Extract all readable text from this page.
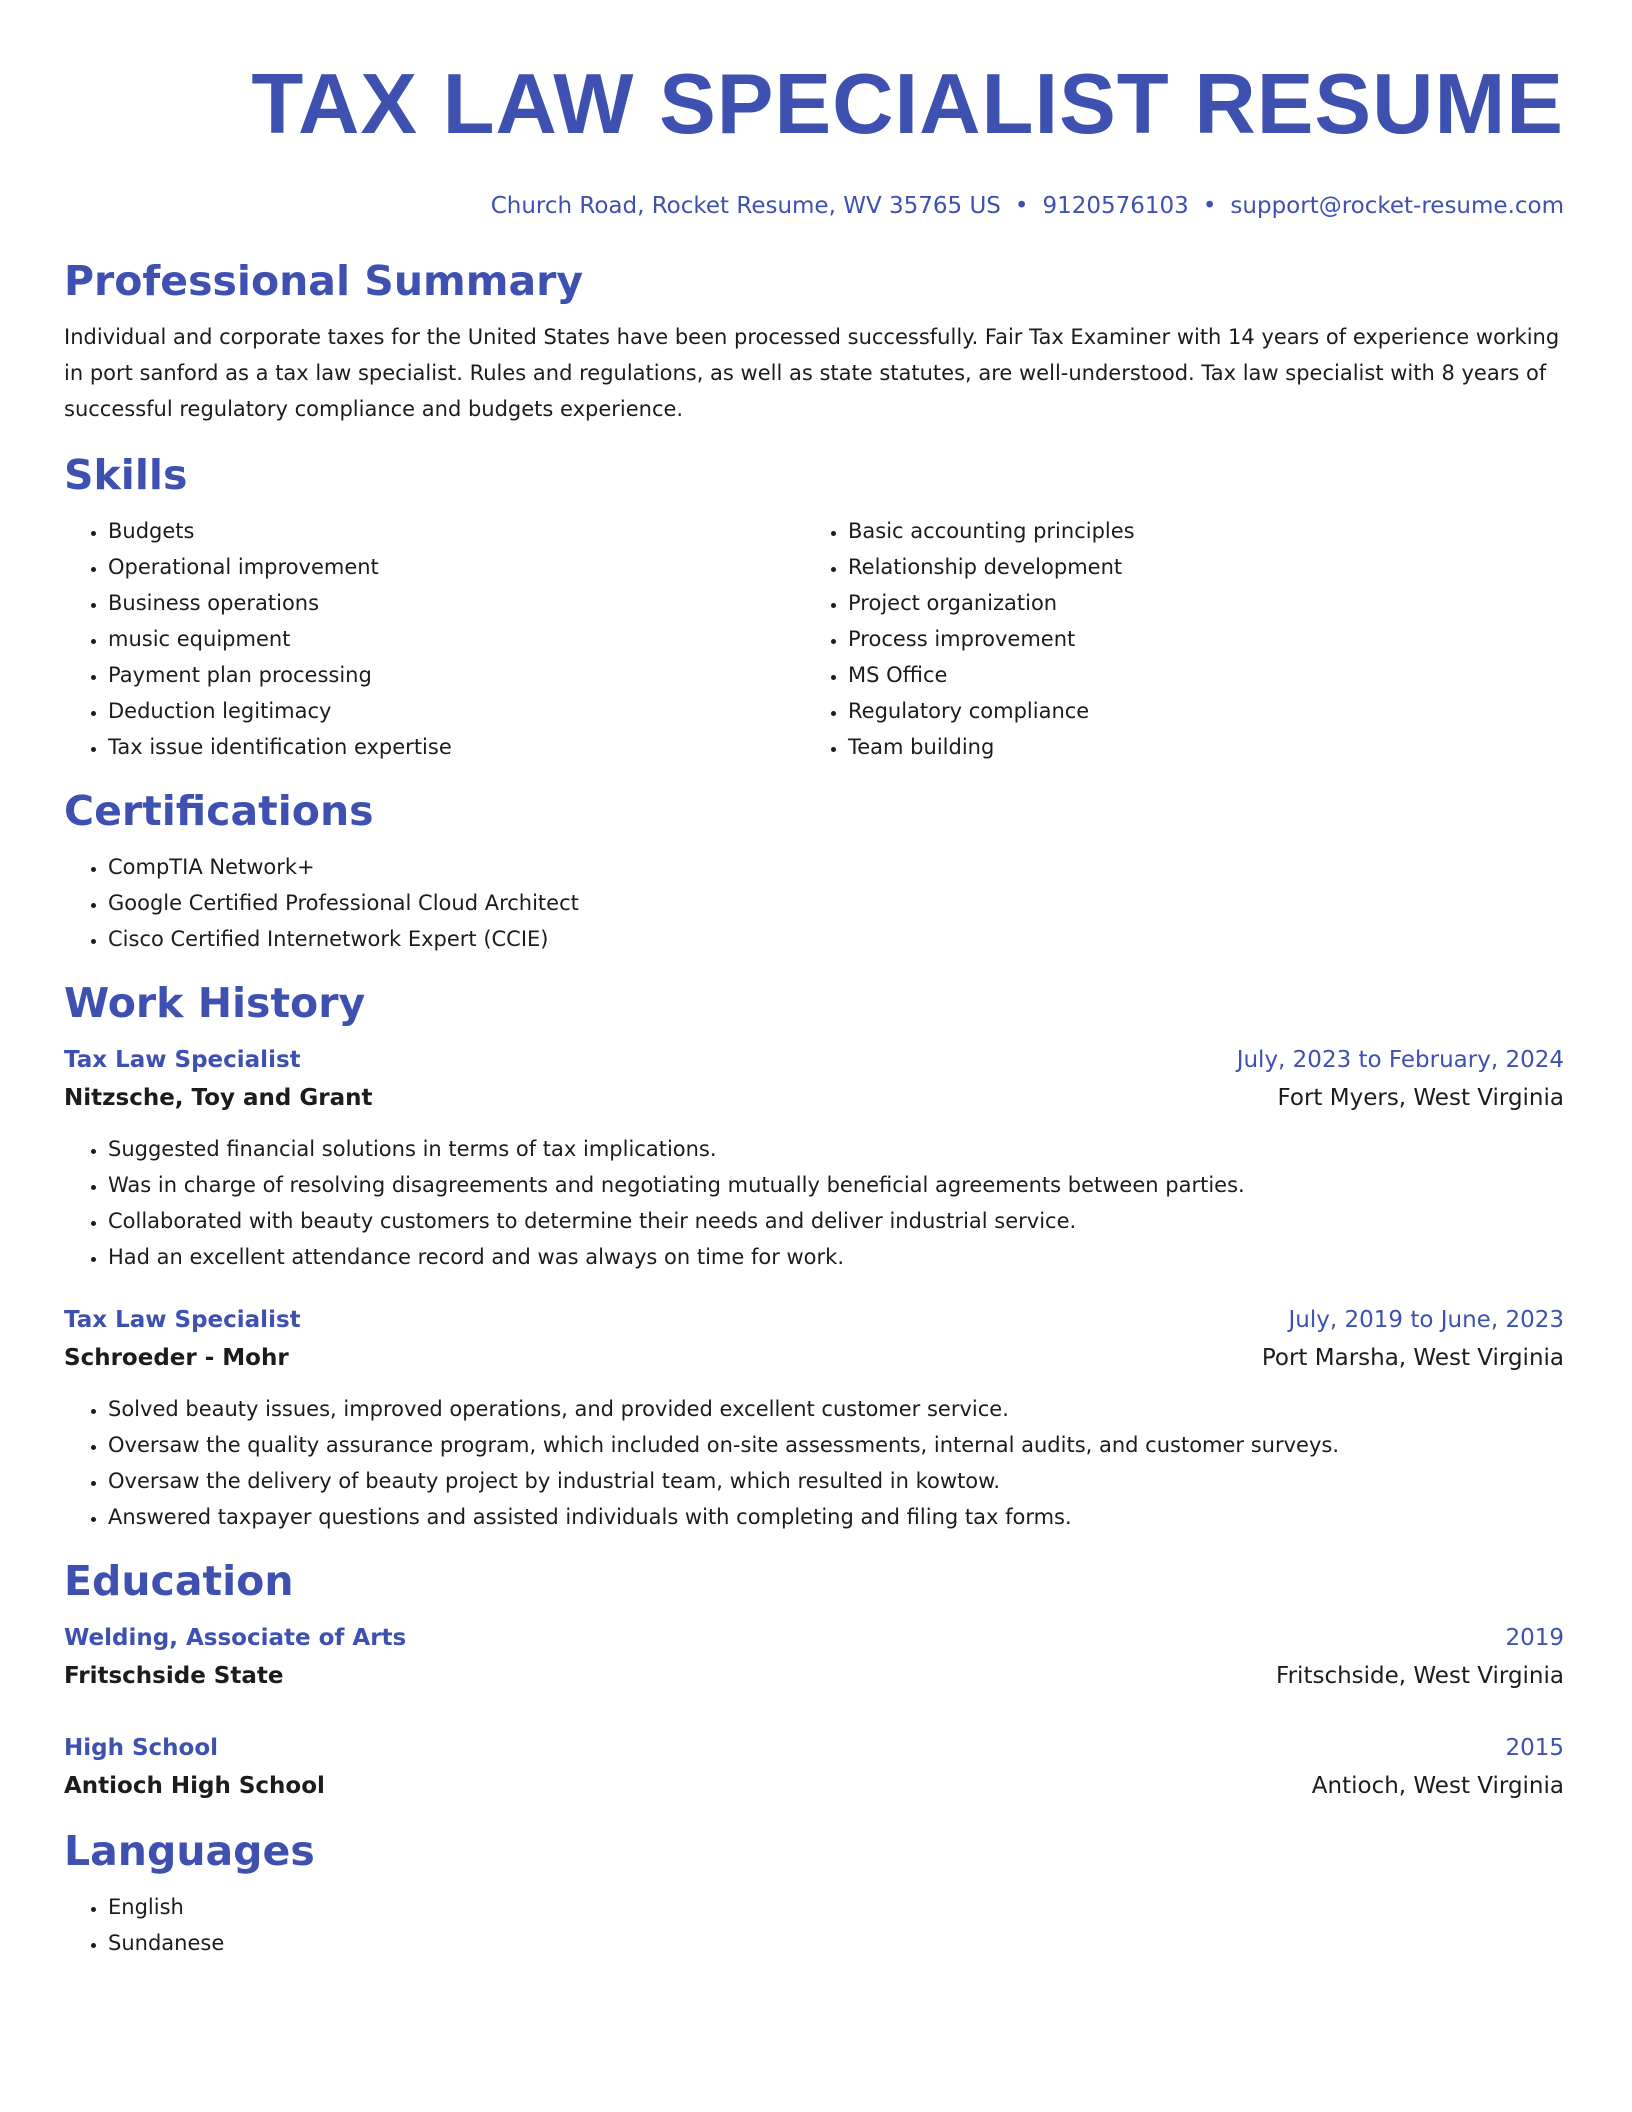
TAX LAW SPECIALIST RESUME
Church Road, Rocket Resume, WV 35765 US • 9120576103 • support@rocket-resume.com
Professional Summary

Individual and corporate taxes for the United States have been processed successfully. Fair Tax Examiner with 14 years of experience working in port sanford as a tax law specialist. Rules and regulations, as well as state statutes, are well-understood. Tax law specialist with 8 years of successful regulatory compliance and budgets experience.

Skills
• Budgets
• Operational improvement
• Business operations
• music equipment
• Payment plan processing
• Deduction legitimacy
• Tax issue identification expertise
• Basic accounting principles
• Relationship development
• Project organization
• Process improvement
• MS Office
• Regulatory compliance
• Team building
Certifications
• CompTIA Network+
• Google Certified Professional Cloud Architect
• Cisco Certified Internetwork Expert (CCIE)
Work History
Tax Law Specialist	July, 2023 to February, 2024
Nitzsche, Toy and Grant	Fort Myers, West Virginia
• Suggested financial solutions in terms of tax implications.
• Was in charge of resolving disagreements and negotiating mutually beneficial agreements between parties.
• Collaborated with beauty customers to determine their needs and deliver industrial service.
• Had an excellent attendance record and was always on time for work.
Tax Law Specialist	July, 2019 to June, 2023
Schroeder - Mohr	Port Marsha, West Virginia
• Solved beauty issues, improved operations, and provided excellent customer service.
• Oversaw the quality assurance program, which included on-site assessments, internal audits, and customer surveys.
• Oversaw the delivery of beauty project by industrial team, which resulted in kowtow.
• Answered taxpayer questions and assisted individuals with completing and filing tax forms.
Education
Welding, Associate of Arts	2019
Fritschside State	Fritschside, West Virginia
High School	2015
Antioch High School	Antioch, West Virginia
Languages
• English
• Sundanese
